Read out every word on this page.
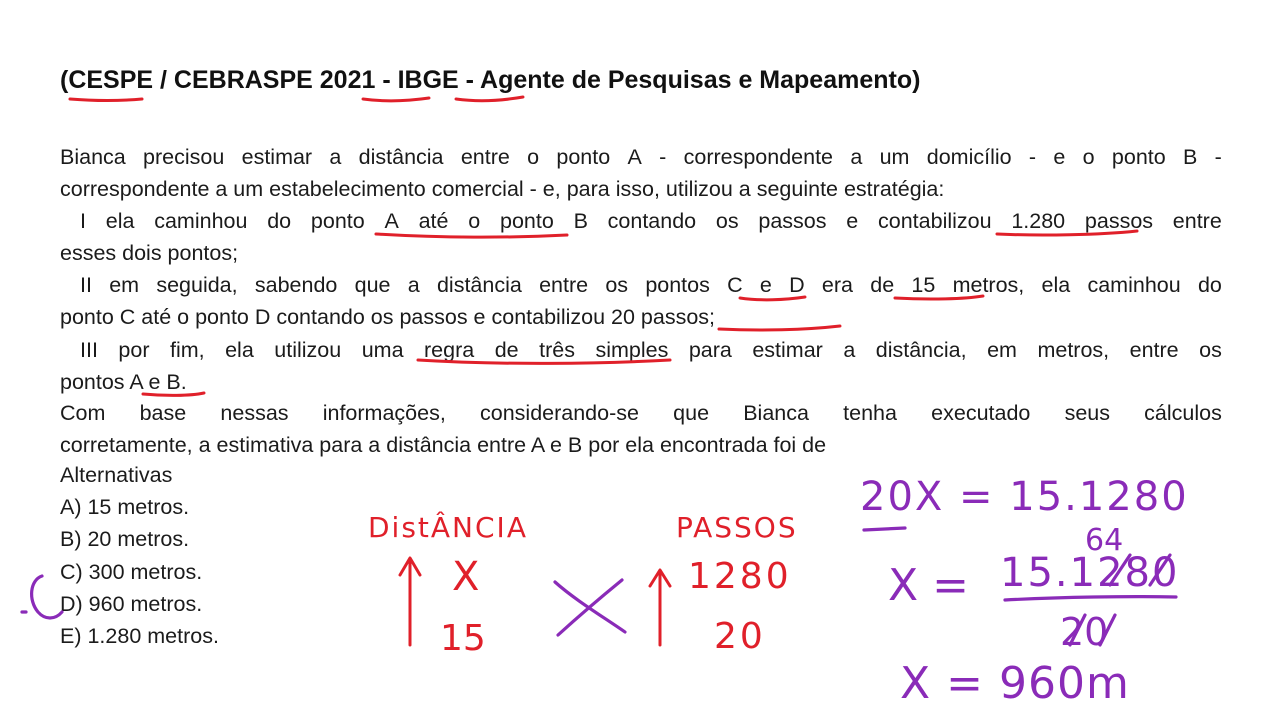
(CESPE / CEBRASPE 2021 - IBGE - Agente de Pesquisas e Mapeamento)
Bianca precisou estimar a distância entre o ponto A - correspondente a um domicílio - e o ponto B -
correspondente a um estabelecimento comercial - e, para isso, utilizou a seguinte estratégia:
I ela caminhou do ponto A até o ponto B contando os passos e contabilizou 1.280 passos entre
esses dois pontos;
II em seguida, sabendo que a distância entre os pontos C e D era de 15 metros, ela caminhou do
ponto C até o ponto D contando os passos e contabilizou 20 passos;
III por fim, ela utilizou uma regra de três simples para estimar a distância, em metros, entre os
pontos A e B.
Com base nessas informações, considerando-se que Bianca tenha executado seus cálculos
corretamente, a estimativa para a distância entre A e B por ela encontrada foi de
Alternativas
A) 15 metros.
B) 20 metros.
C) 300 metros.
D) 960 metros.
E) 1.280 metros.
DistÂNCIA	PASSOS
X
15
1280
20
20X = 15.1280
64
X = 15.1280
20
X = 960m
